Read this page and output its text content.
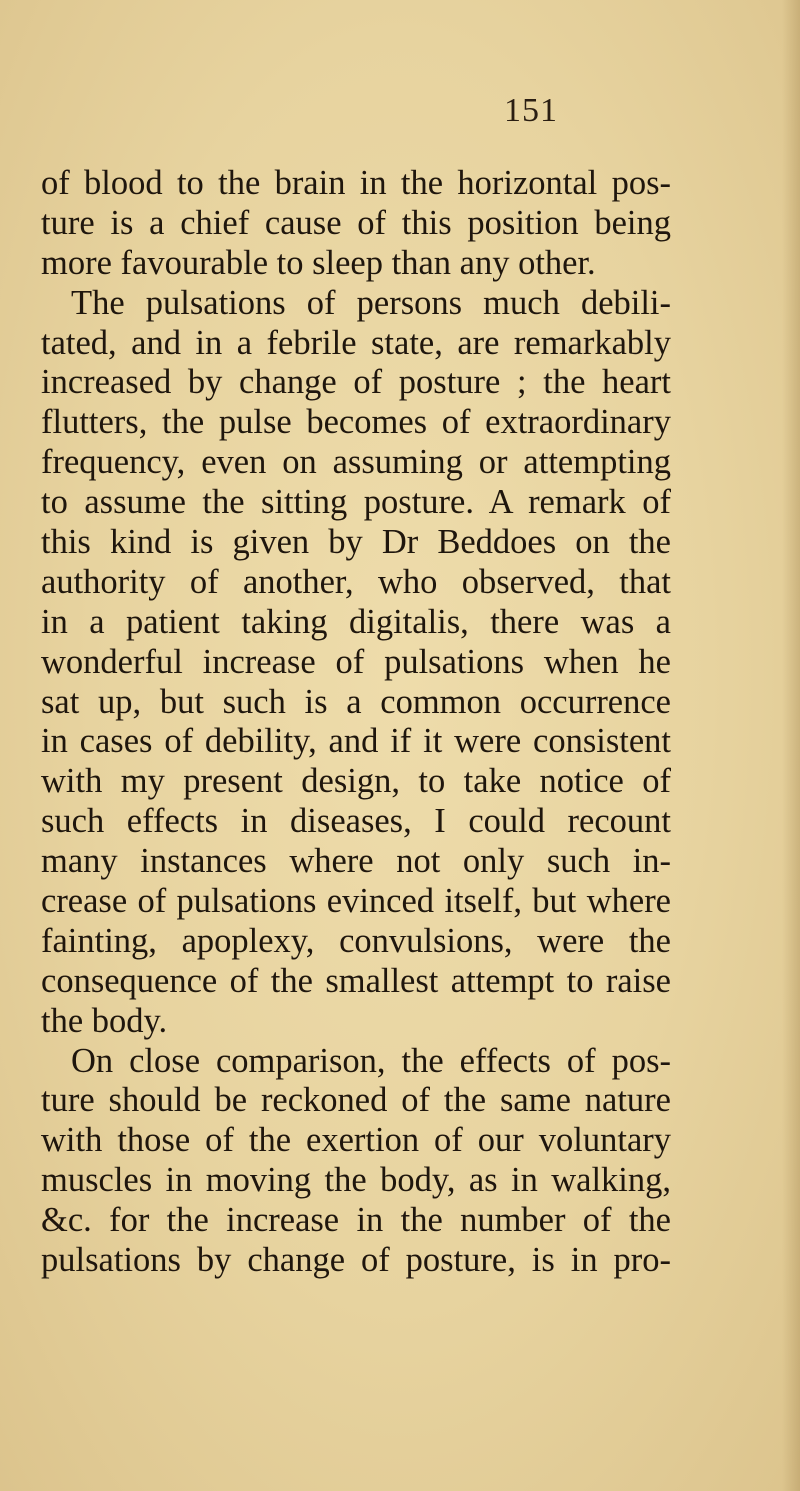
151
of blood to the brain in the horizontal pos-
ture is a chief cause of this position being
more favourable to sleep than any other.
The pulsations of persons much debili-
tated, and in a febrile state, are remarkably
increased by change of posture ; the heart
flutters, the pulse becomes of extraordinary
frequency, even on assuming or attempting
to assume the sitting posture. A remark of
this kind is given by Dr Beddoes on the
authority of another, who observed, that
in a patient taking digitalis, there was a
wonderful increase of pulsations when he
sat up, but such is a common occurrence
in cases of debility, and if it were consistent
with my present design, to take notice of
such effects in diseases, I could recount
many instances where not only such in-
crease of pulsations evinced itself, but where
fainting, apoplexy, convulsions, were the
consequence of the smallest attempt to raise
the body.
On close comparison, the effects of pos-
ture should be reckoned of the same nature
with those of the exertion of our voluntary
muscles in moving the body, as in walking,
&c. for the increase in the number of the
pulsations by change of posture, is in pro-
